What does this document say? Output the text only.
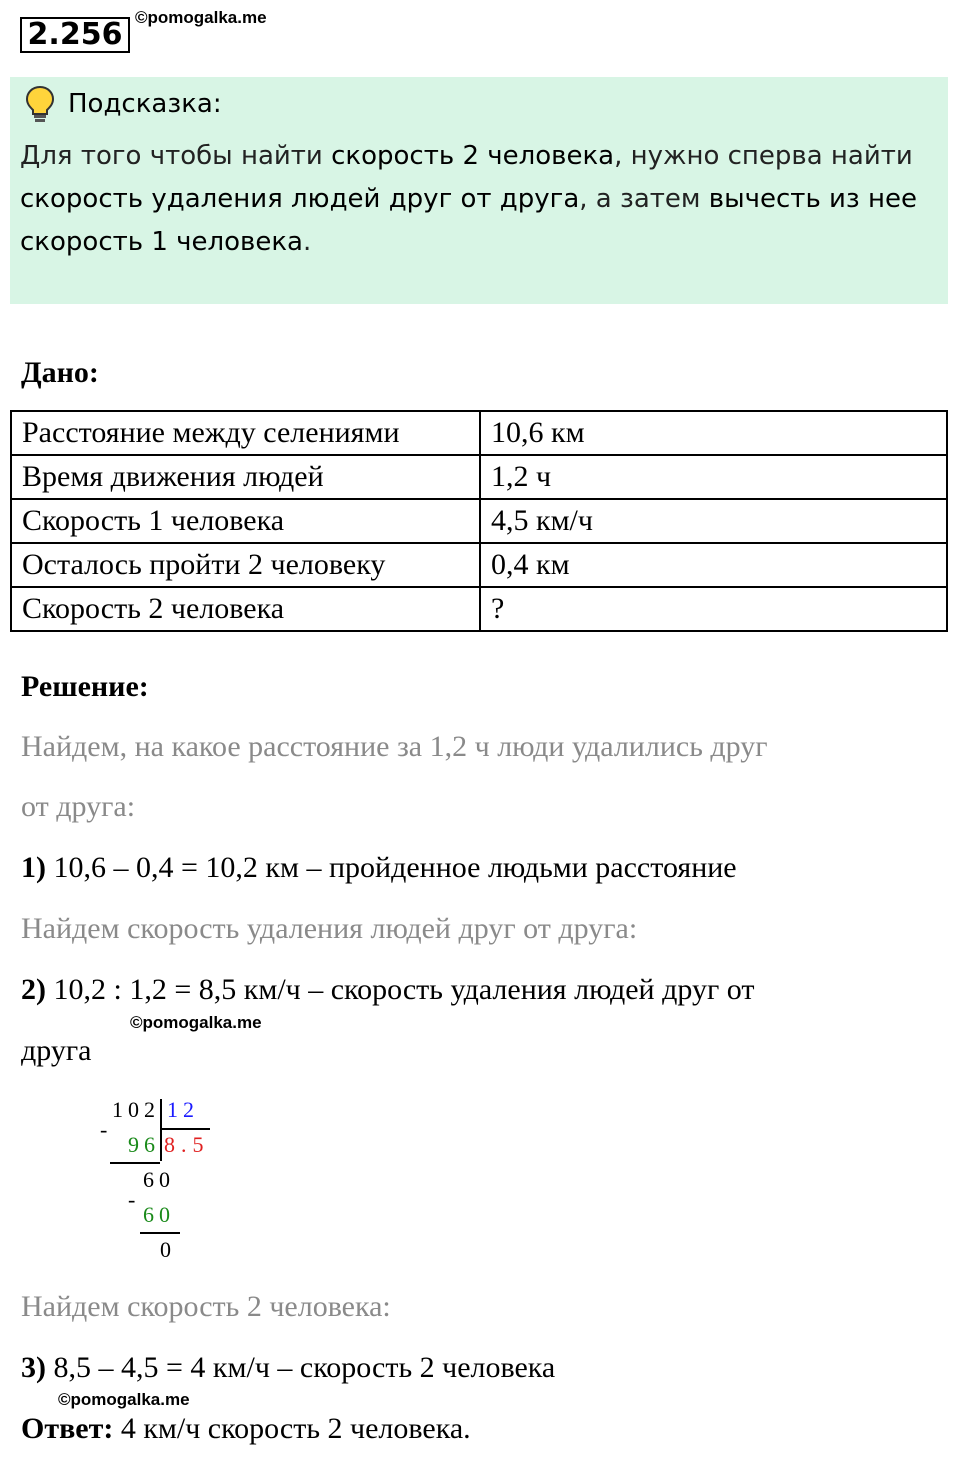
2.256 ©pomogalka.me
Подсказка:
Для того чтобы найти скорость 2 человека, нужно сперва найти скорость удаления людей друг от друга, а затем вычесть из нее скорость 1 человека.
Дано:
Расстояние между селениями	10,6 км
Время движения людей	1,2 ч
Скорость 1 человека	4,5 км/ч
Осталось пройти 2 человеку	0,4 км
Скорость 2 человека	?
Решение:
Найдем, на какое расстояние за 1,2 ч люди удалились друг
от друга:
1) 10,6 – 0,4 = 10,2 км – пройденное людьми расстояние
Найдем скорость удаления людей друг от друга:
2) 10,2 : 1,2 = 8,5 км/ч – скорость удаления людей друг от
©pomogalka.me
друга
102 12
-
96 8.5
60
-
60
0
Найдем скорость 2 человека:
3) 8,5 – 4,5 = 4 км/ч – скорость 2 человека
©pomogalka.me
Ответ: 4 км/ч скорость 2 человека.
